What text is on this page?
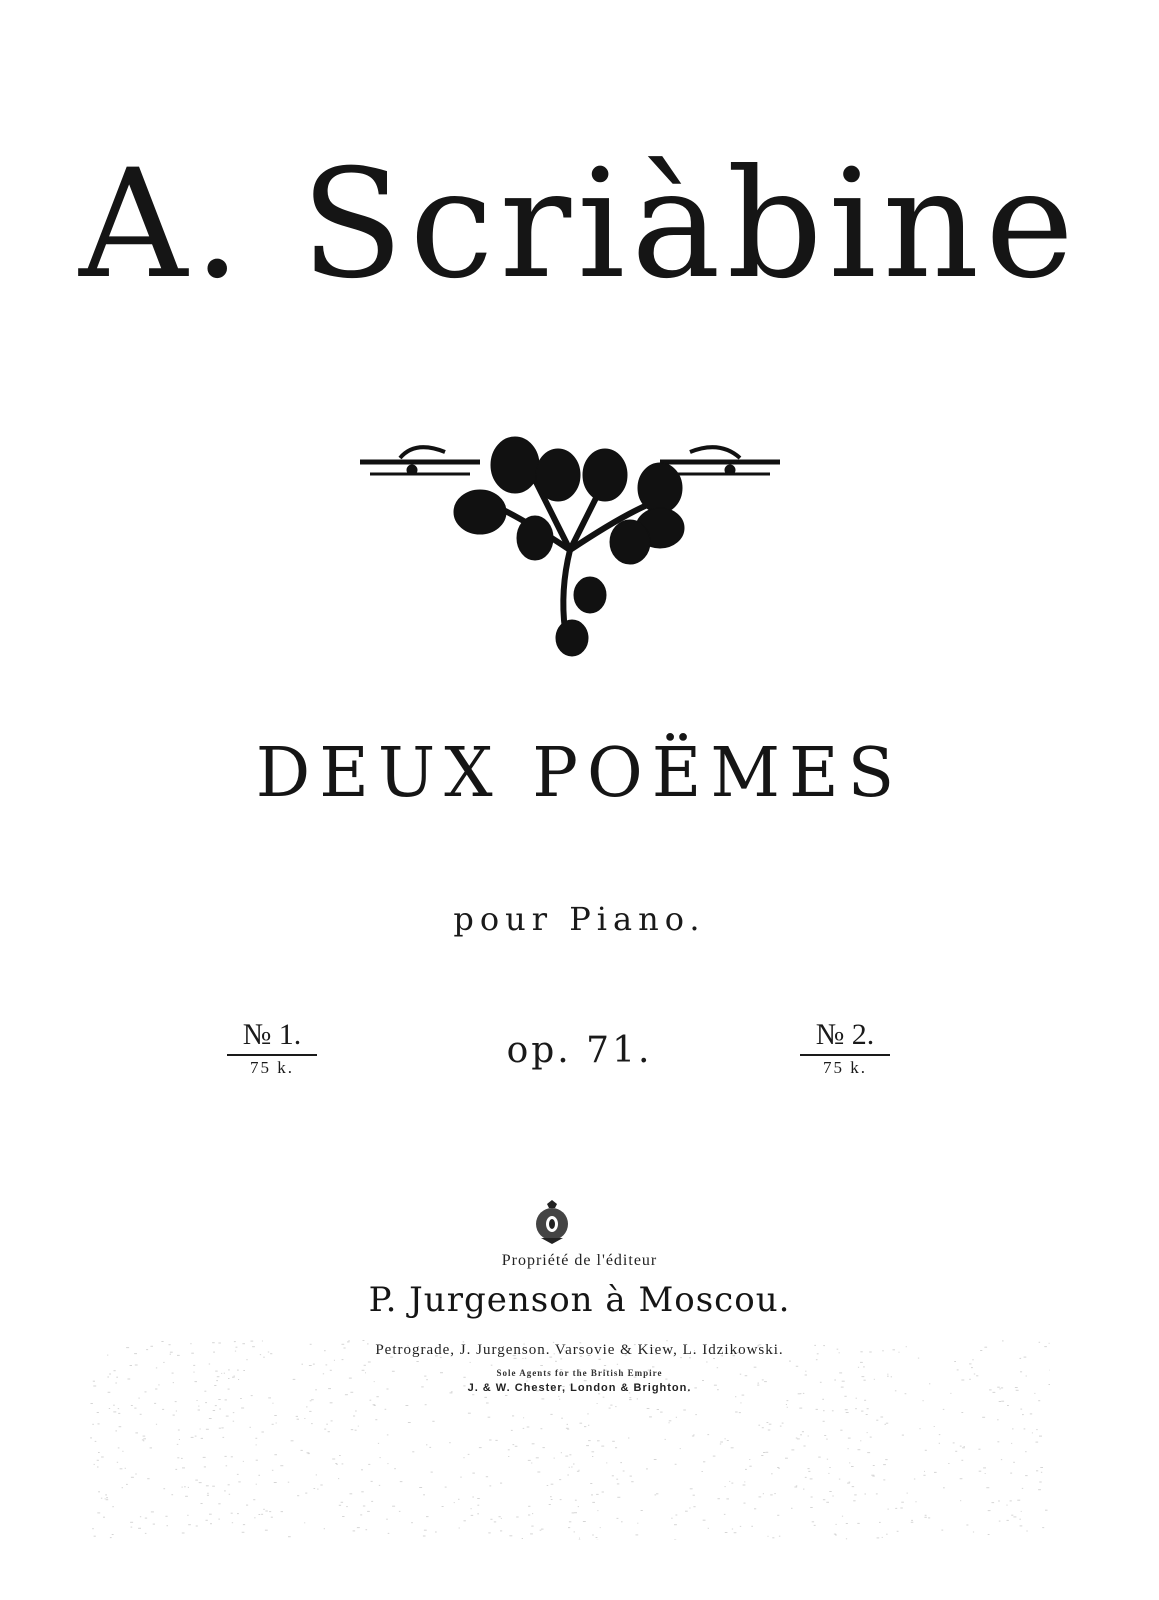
A. Scriàbine
DEUX POËMES
pour Piano.
№ 1.
75 k.	op. 71.	№ 2.
75 k.
Propriété de l'éditeur
P. Jurgenson à Moscou.
Petrograde, J. Jurgenson. Varsovie & Kiew, L. Idzikowski.
Sole Agents for the British Empire
J. & W. Chester, London & Brighton.
